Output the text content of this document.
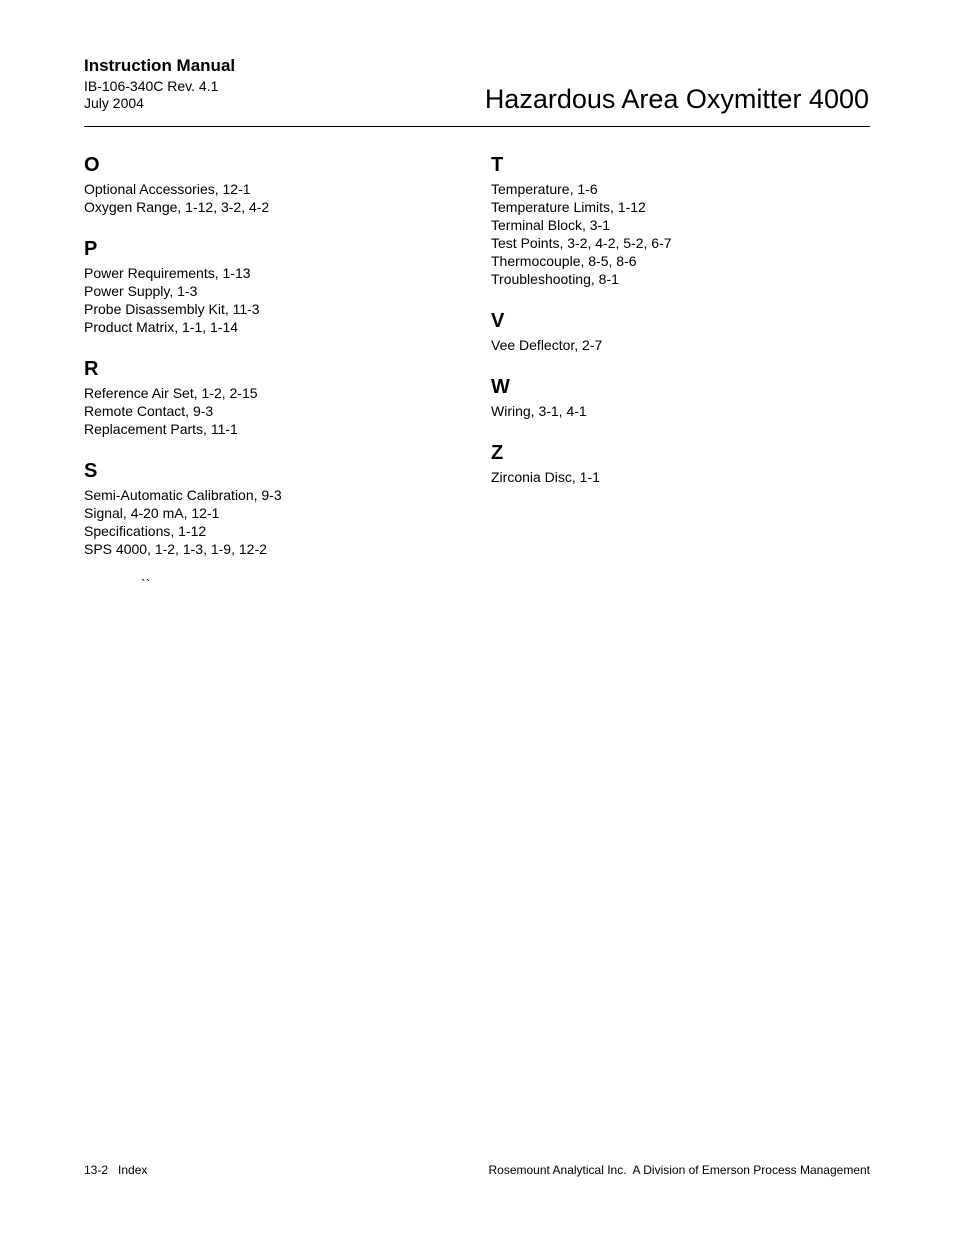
Instruction Manual
IB-106-340C Rev. 4.1
July 2004	Hazardous Area Oxymitter 4000
O
Optional Accessories, 12-1
Oxygen Range, 1-12, 3-2, 4-2
P
Power Requirements, 1-13
Power Supply, 1-3
Probe Disassembly Kit, 11-3
Product Matrix, 1-1, 1-14
R
Reference Air Set, 1-2, 2-15
Remote Contact, 9-3
Replacement Parts, 11-1
S
Semi-Automatic Calibration, 9-3
Signal, 4-20 mA, 12-1
Specifications, 1-12
SPS 4000, 1-2, 1-3, 1-9, 12-2
T
Temperature, 1-6
Temperature Limits, 1-12
Terminal Block, 3-1
Test Points, 3-2, 4-2, 5-2, 6-7
Thermocouple, 8-5, 8-6
Troubleshooting, 8-1
V
Vee Deflector, 2-7
W
Wiring, 3-1, 4-1
Z
Zirconia Disc, 1-1
``
13-2   Index	Rosemount Analytical Inc.  A Division of Emerson Process Management
